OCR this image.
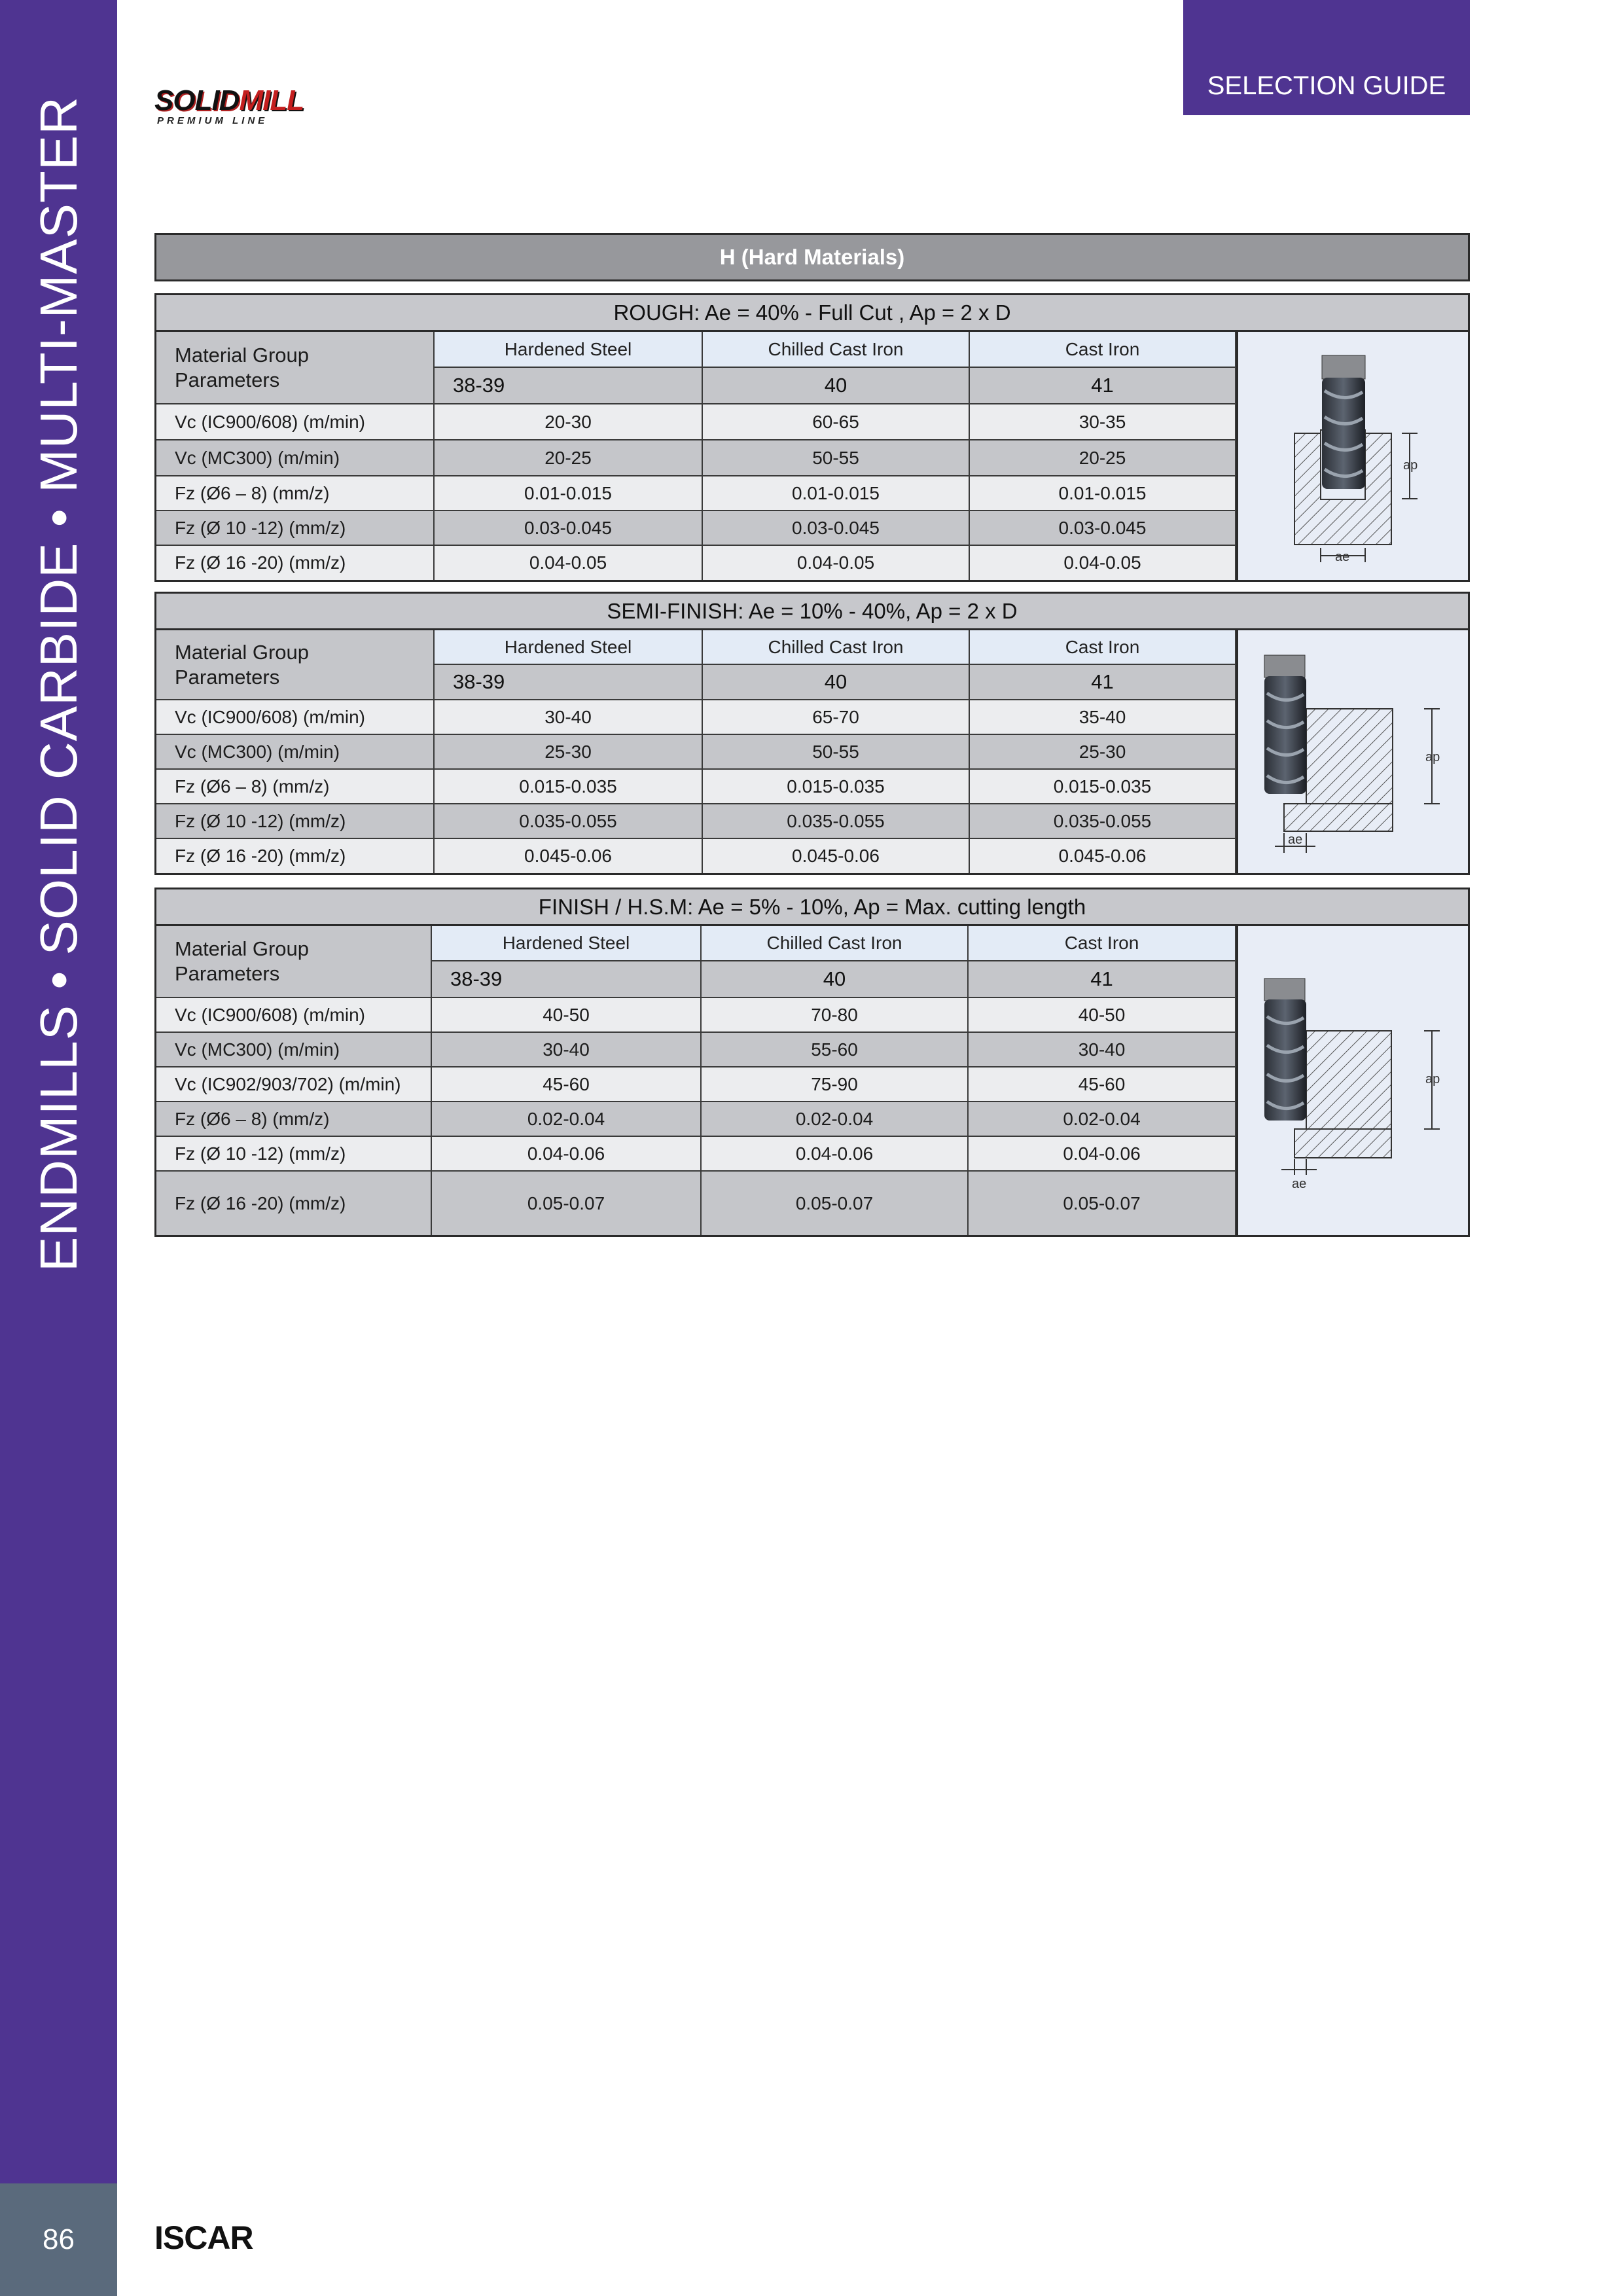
ENDMILLS • SOLID CARBIDE • MULTI-MASTER
86
SELECTION GUIDE
SOLIDMILL
PREMIUM LINE
H (Hard Materials)
ROUGH: Ae = 40% - Full Cut , Ap = 2 x D
Material Group
Parameters	Hardened Steel	Chilled Cast Iron	Cast Iron
	38-39	40	41
Vc (IC900/608) (m/min)	20-30	60-65	30-35
Vc (MC300) (m/min)	20-25	50-55	20-25
Fz (Ø6 – 8) (mm/z)	0.01-0.015	0.01-0.015	0.01-0.015
Fz (Ø 10 -12) (mm/z)	0.03-0.045	0.03-0.045	0.03-0.045
Fz (Ø 16 -20) (mm/z)	0.04-0.05	0.04-0.05	0.04-0.05
ap
ae
SEMI-FINISH: Ae = 10% - 40%, Ap = 2 x D
Material Group
Parameters	Hardened Steel	Chilled Cast Iron	Cast Iron
	38-39	40	41
Vc (IC900/608) (m/min)	30-40	65-70	35-40
Vc (MC300) (m/min)	25-30	50-55	25-30
Fz (Ø6 – 8) (mm/z)	0.015-0.035	0.015-0.035	0.015-0.035
Fz (Ø 10 -12) (mm/z)	0.035-0.055	0.035-0.055	0.035-0.055
Fz (Ø 16 -20) (mm/z)	0.045-0.06	0.045-0.06	0.045-0.06
ap
ae
FINISH / H.S.M: Ae = 5% - 10%, Ap = Max. cutting length
Material Group
Parameters	Hardened Steel	Chilled Cast Iron	Cast Iron
	38-39	40	41
Vc (IC900/608) (m/min)	40-50	70-80	40-50
Vc (MC300) (m/min)	30-40	55-60	30-40
Vc (IC902/903/702) (m/min)	45-60	75-90	45-60
Fz (Ø6 – 8) (mm/z)	0.02-0.04	0.02-0.04	0.02-0.04
Fz (Ø 10 -12) (mm/z)	0.04-0.06	0.04-0.06	0.04-0.06
Fz (Ø 16 -20) (mm/z)	0.05-0.07	0.05-0.07	0.05-0.07
ap
ae
ISCAR
